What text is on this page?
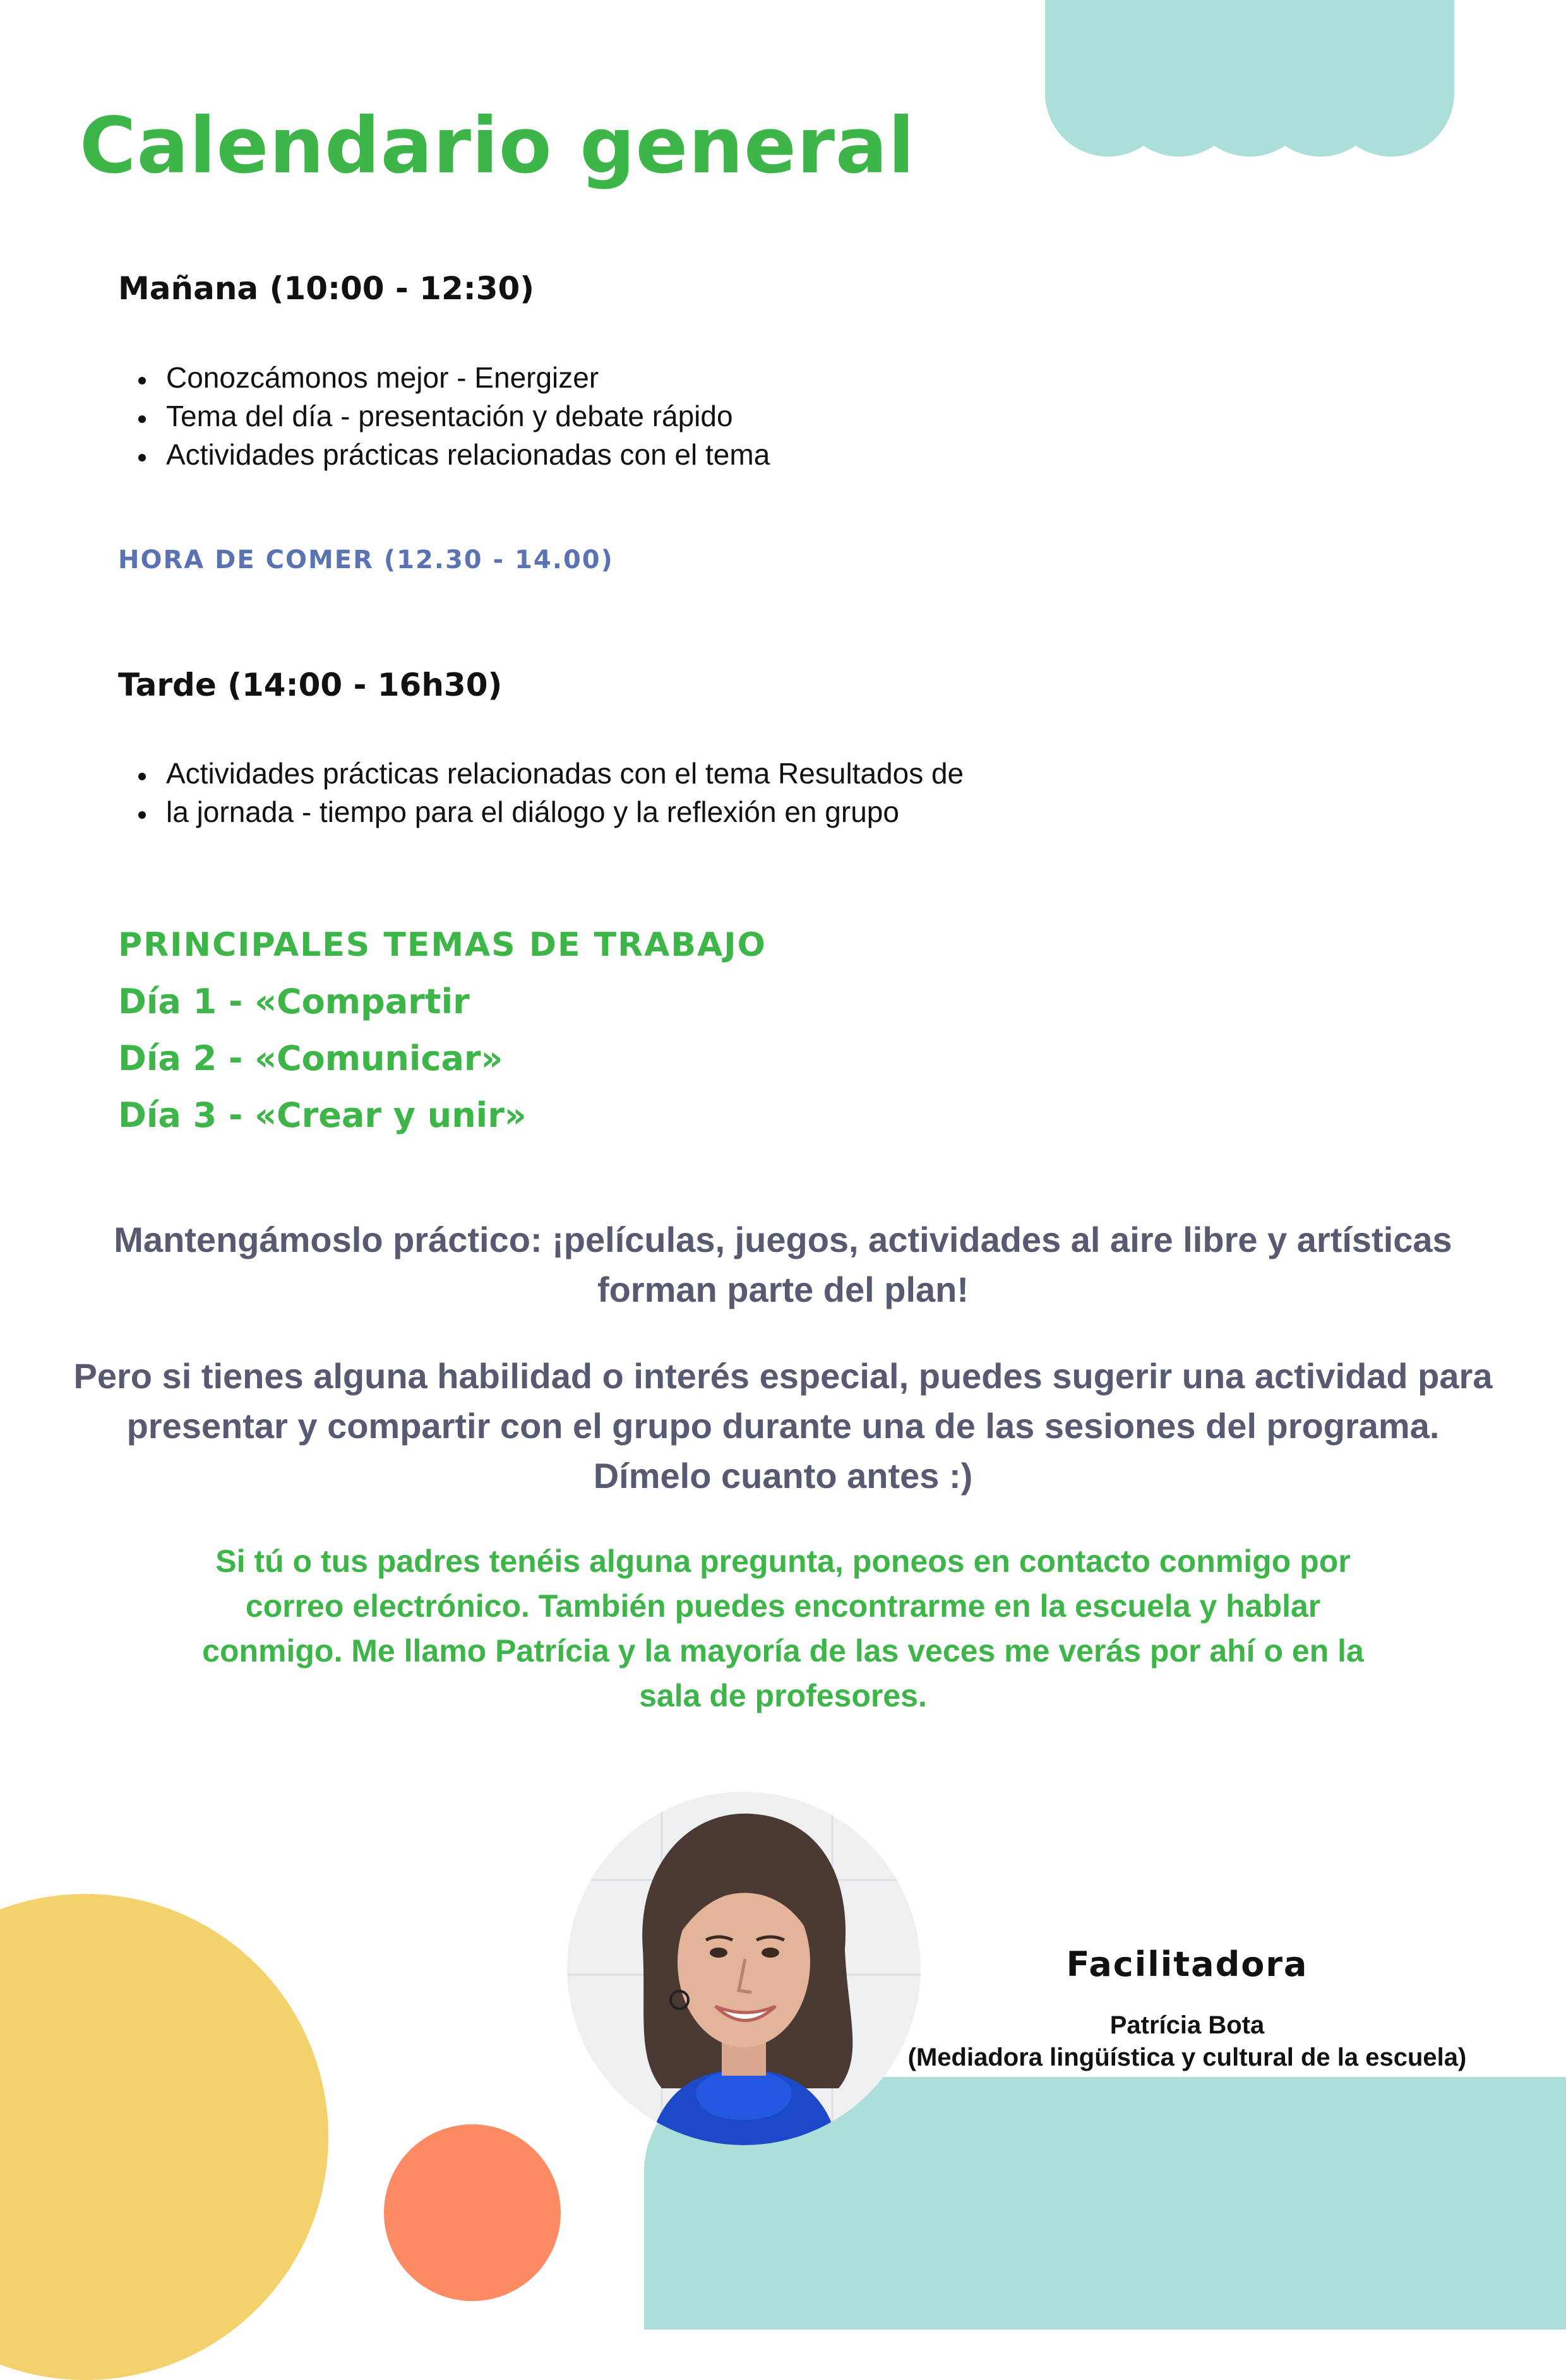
Calendario general
Mañana (10:00 - 12:30)
Conozcámonos mejor - Energizer
Tema del día - presentación y debate rápido
Actividades prácticas relacionadas con el tema
HORA DE COMER (12.30 - 14.00)
Tarde (14:00 - 16h30)
Actividades prácticas relacionadas con el tema Resultados de
la jornada - tiempo para el diálogo y la reflexión en grupo
PRINCIPALES TEMAS DE TRABAJO
Día 1 - «Compartir
Día 2 - «Comunicar»
Día 3 - «Crear y unir»

Mantengámoslo práctico: ¡películas, juegos, actividades al aire libre y artísticas forman parte del plan!

Pero si tienes alguna habilidad o interés especial, puedes sugerir una actividad para presentar y compartir con el grupo durante una de las sesiones del programa. Dímelo cuanto antes :)

Si tú o tus padres tenéis alguna pregunta, poneos en contacto conmigo por correo electrónico. También puedes encontrarme en la escuela y hablar conmigo. Me llamo Patrícia y la mayoría de las veces me verás por ahí o en la sala de profesores.

Facilitadora
Patrícia Bota
(Mediadora lingüística y cultural de la escuela)
